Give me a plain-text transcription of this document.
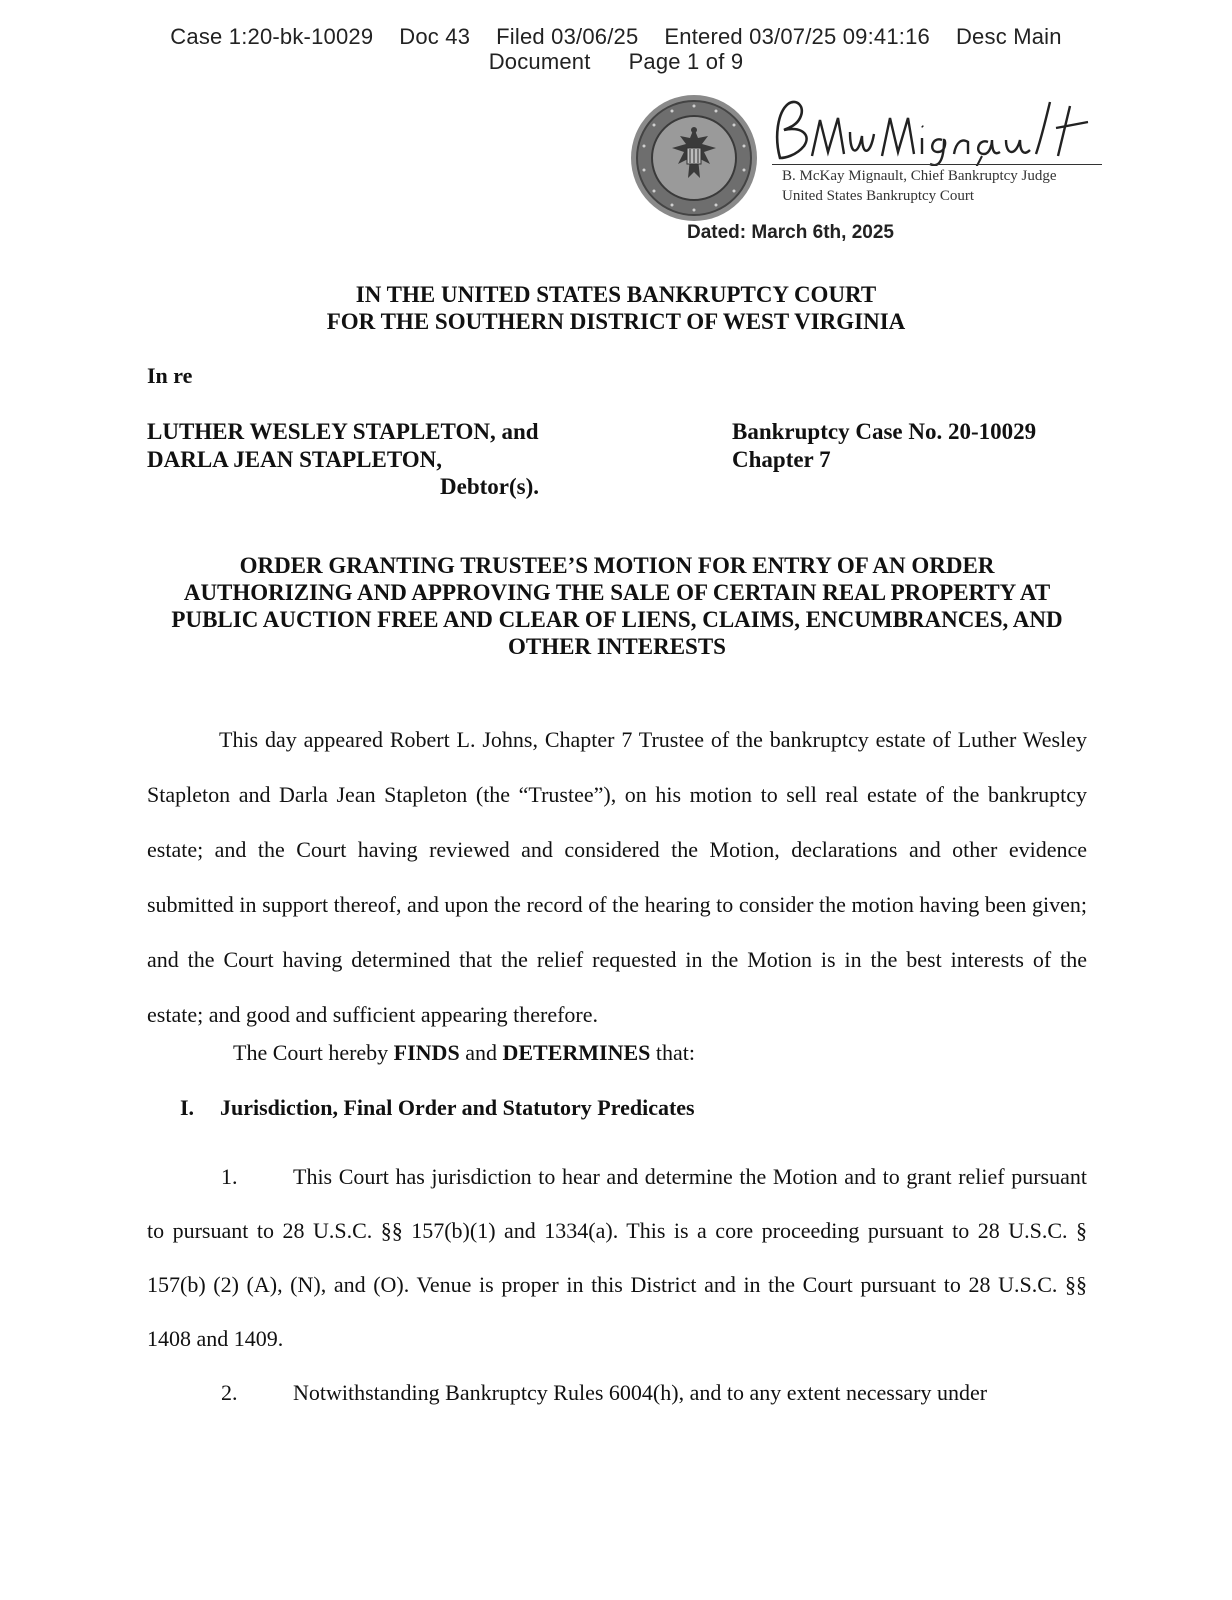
Case 1:20-bk-10029 Doc 43 Filed 03/06/25 Entered 03/07/25 09:41:16 Desc Main
Document Page 1 of 9
B. McKay Mignault, Chief Bankruptcy Judge
United States Bankruptcy Court
Dated: March 6th, 2025
IN THE UNITED STATES BANKRUPTCY COURT
FOR THE SOUTHERN DISTRICT OF WEST VIRGINIA
In re
LUTHER WESLEY STAPLETON, and
DARLA JEAN STAPLETON,
Debtor(s).
Bankruptcy Case No. 20-10029
Chapter 7
ORDER GRANTING TRUSTEE’S MOTION FOR ENTRY OF AN ORDER
AUTHORIZING AND APPROVING THE SALE OF CERTAIN REAL PROPERTY AT
PUBLIC AUCTION FREE AND CLEAR OF LIENS, CLAIMS, ENCUMBRANCES, AND
OTHER INTERESTS
This day appeared Robert L. Johns, Chapter 7 Trustee of the bankruptcy estate of Luther Wesley Stapleton and Darla Jean Stapleton (the “Trustee”), on his motion to sell real estate of the bankruptcy estate; and the Court having reviewed and considered the Motion, declarations and other evidence submitted in support thereof, and upon the record of the hearing to consider the motion having been given; and the Court having determined that the relief requested in the Motion is in the best interests of the estate; and good and sufficient appearing therefore.
The Court hereby FINDS and DETERMINES that:
I. Jurisdiction, Final Order and Statutory Predicates
1.	This Court has jurisdiction to hear and determine the Motion and to grant relief pursuant to pursuant to 28 U.S.C. §§ 157(b)(1) and 1334(a). This is a core proceeding pursuant to 28 U.S.C. § 157(b) (2) (A), (N), and (O). Venue is proper in this District and in the Court pursuant to 28 U.S.C. §§ 1408 and 1409.
2.	Notwithstanding Bankruptcy Rules 6004(h), and to any extent necessary under
